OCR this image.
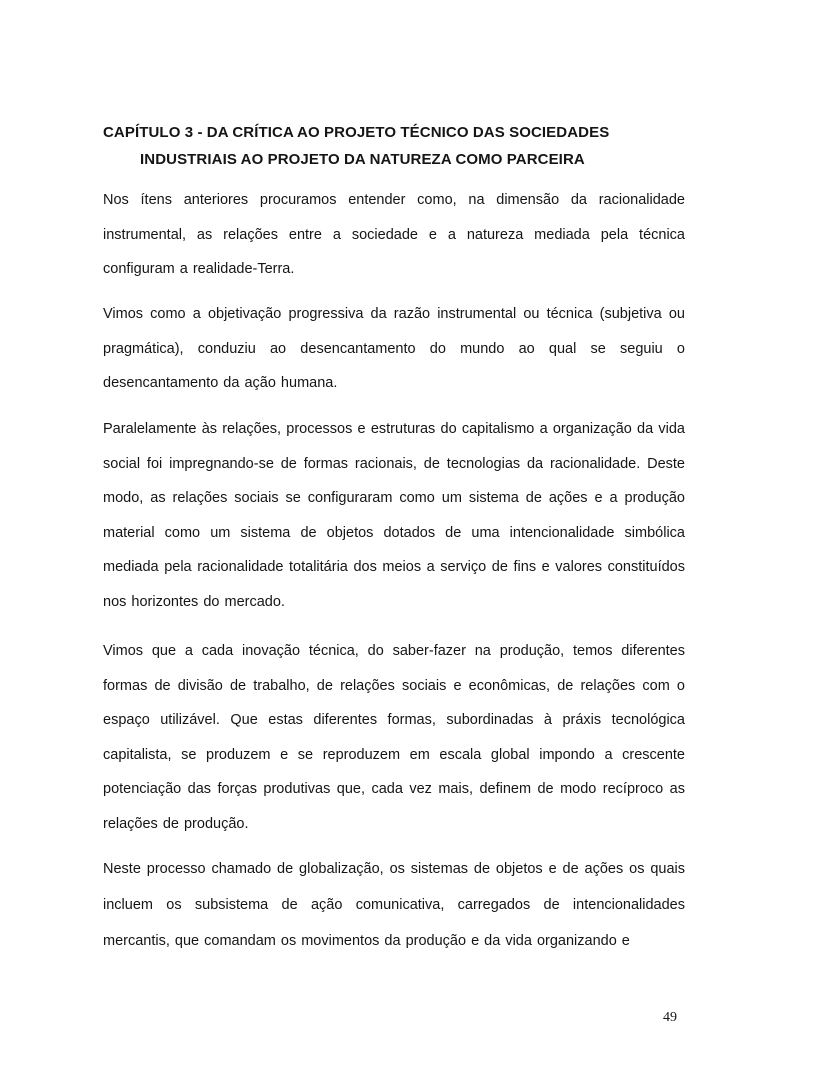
CAPÍTULO 3 - DA CRÍTICA AO PROJETO TÉCNICO DAS SOCIEDADES
INDUSTRIAIS AO PROJETO DA NATUREZA COMO PARCEIRA

Nos ítens anteriores procuramos entender como, na dimensão da racionalidade instrumental, as relações entre a sociedade e a natureza mediada pela técnica configuram a realidade-Terra.

Vimos como a objetivação progressiva da razão instrumental ou técnica (subjetiva ou pragmática), conduziu ao desencantamento do mundo ao qual se seguiu o desencantamento da ação humana.

Paralelamente às relações, processos e estruturas do capitalismo a organização da vida social foi impregnando-se de formas racionais, de tecnologias da racionalidade. Deste modo, as relações sociais se configuraram como um sistema de ações e a produção material como um sistema de objetos dotados de uma intencionalidade simbólica mediada pela racionalidade totalitária dos meios a serviço de fins e valores constituídos nos horizontes do mercado.

Vimos que a cada inovação técnica, do saber-fazer na produção, temos diferentes formas de divisão de trabalho, de relações sociais e econômicas, de relações com o espaço utilizável. Que estas diferentes formas, subordinadas à práxis tecnológica capitalista, se produzem e se reproduzem em escala global impondo a crescente potenciação das forças produtivas que, cada vez mais, definem de modo recíproco as relações de produção.

Neste processo chamado de globalização, os sistemas de objetos e de ações os quais incluem os subsistema de ação comunicativa, carregados de intencionalidades mercantis, que comandam os movimentos da produção e da vida organizando e

49
